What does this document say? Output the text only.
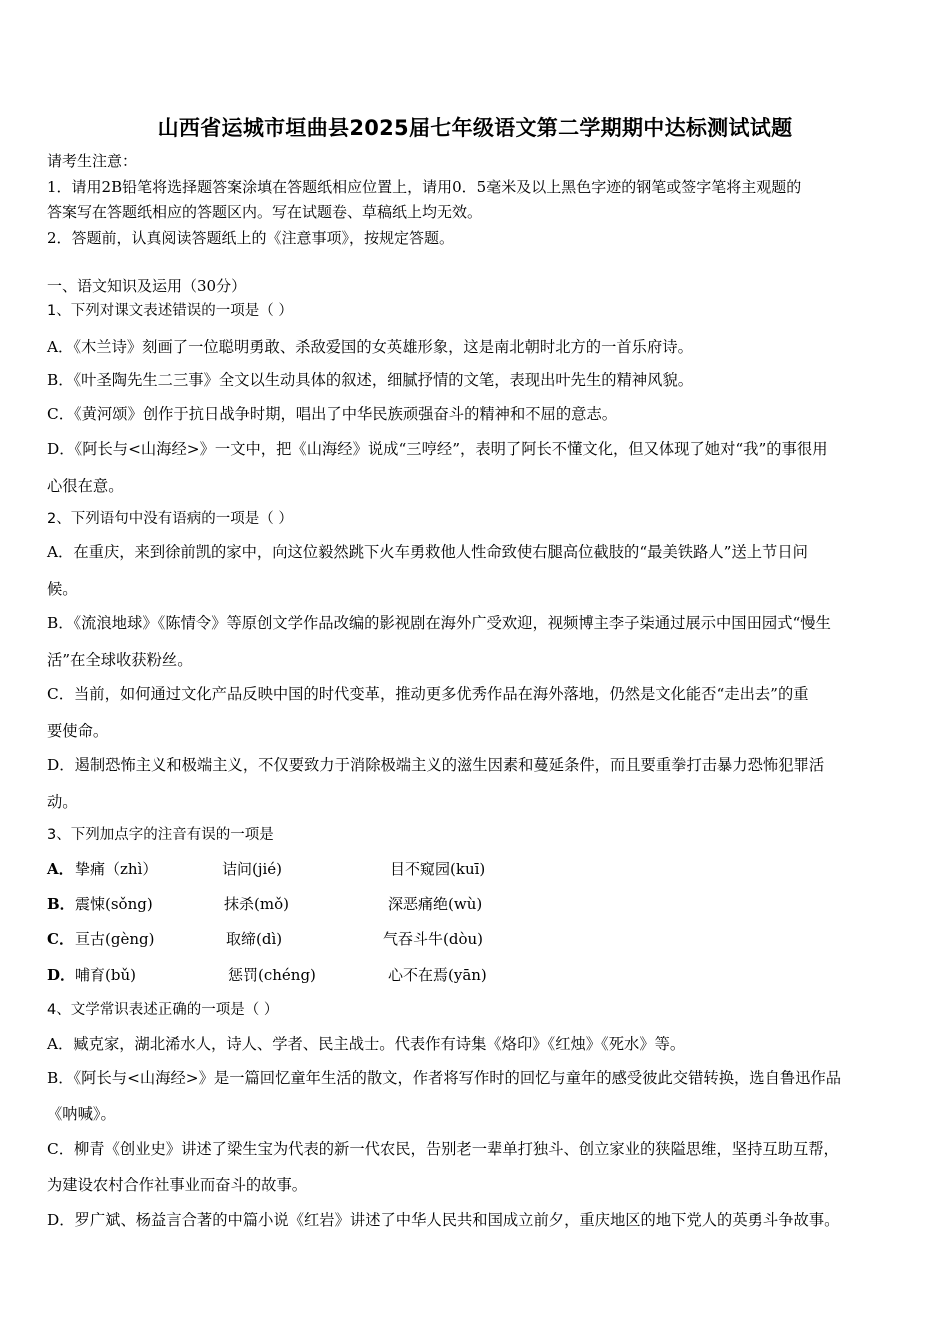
山西省运城市垣曲县2025届七年级语文第二学期期中达标测试试题
请考生注意：
1．请用2B铅笔将选择题答案涂填在答题纸相应位置上，请用0．5毫米及以上黑色字迹的钢笔或签字笔将主观题的
答案写在答题纸相应的答题区内。写在试题卷、草稿纸上均无效。
2．答题前，认真阅读答题纸上的《注意事项》，按规定答题。
一、语文知识及运用（30分）
1、下列对课文表述错误的一项是（ ）
A．《木兰诗》刻画了一位聪明勇敢、杀敌爱国的女英雄形象，这是南北朝时北方的一首乐府诗。
B．《叶圣陶先生二三事》全文以生动具体的叙述，细腻抒情的文笔，表现出叶先生的精神风貌。
C．《黄河颂》创作于抗日战争时期，唱出了中华民族顽强奋斗的精神和不屈的意志。
D．《阿长与<山海经>》一文中，把《山海经》说成“三哼经”，表明了阿长不懂文化，但又体现了她对“我”的事很用
心很在意。
2、下列语句中没有语病的一项是（ ）
A．在重庆，来到徐前凯的家中，向这位毅然跳下火车勇救他人性命致使右腿高位截肢的“最美铁路人”送上节日问
候。
B．《流浪地球》《陈情令》等原创文学作品改编的影视剧在海外广受欢迎，视频博主李子柒通过展示中国田园式“慢生
活”在全球收获粉丝。
C．当前，如何通过文化产品反映中国的时代变革，推动更多优秀作品在海外落地，仍然是文化能否“走出去”的重
要使命。
D．遏制恐怖主义和极端主义，不仅要致力于消除极端主义的滋生因素和蔓延条件，而且要重拳打击暴力恐怖犯罪活
动。
3、下列加点字的注音有误的一项是
A． 挚痛（zhì）	诘问(jié)	目不窥园(kuī)
B． 震悚(sǒng)	抹杀(mǒ)	深恶痛绝(wù)
C． 亘古(gèng)	取缔(dì)	气吞斗牛(dòu)
D． 哺育(bǔ)	惩罚(chéng)	心不在焉(yān)
4、文学常识表述正确的一项是（ ）
A．臧克家，湖北浠水人，诗人、学者、民主战士。代表作有诗集《烙印》《红烛》《死水》等。
B．《阿长与<山海经>》是一篇回忆童年生活的散文，作者将写作时的回忆与童年的感受彼此交错转换，选自鲁迅作品
《呐喊》。
C．柳青《创业史》讲述了梁生宝为代表的新一代农民，告别老一辈单打独斗、创立家业的狭隘思维，坚持互助互帮，
为建设农村合作社事业而奋斗的故事。
D．罗广斌、杨益言合著的中篇小说《红岩》讲述了中华人民共和国成立前夕，重庆地区的地下党人的英勇斗争故事。
